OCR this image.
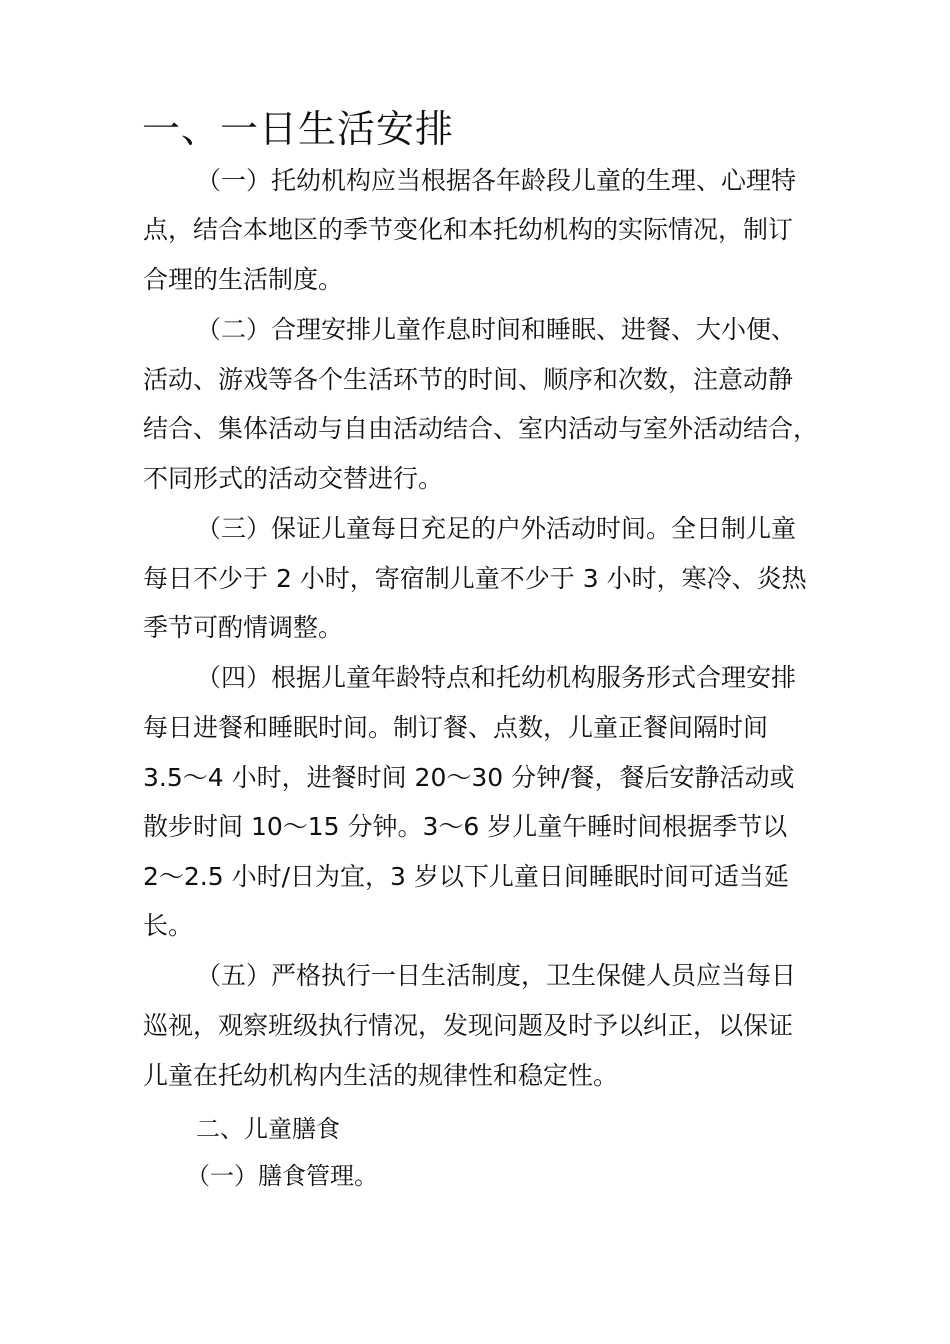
一、一日生活安排

（一）托幼机构应当根据各年龄段儿童的生理、心理特

点，结合本地区的季节变化和本托幼机构的实际情况，制订

合理的生活制度。

（二）合理安排儿童作息时间和睡眠、进餐、大小便、

活动、游戏等各个生活环节的时间、顺序和次数，注意动静

结合、集体活动与自由活动结合、室内活动与室外活动结合，

不同形式的活动交替进行。

（三）保证儿童每日充足的户外活动时间。全日制儿童

每日不少于 2 小时，寄宿制儿童不少于 3 小时，寒冷、炎热

季节可酌情调整。

（四）根据儿童年龄特点和托幼机构服务形式合理安排

每日进餐和睡眠时间。制订餐、点数，儿童正餐间隔时间

3.5～4 小时，进餐时间 20～30 分钟/餐，餐后安静活动或

散步时间 10～15 分钟。3～6 岁儿童午睡时间根据季节以

2～2.5 小时/日为宜，3 岁以下儿童日间睡眠时间可适当延

长。

（五）严格执行一日生活制度，卫生保健人员应当每日

巡视，观察班级执行情况，发现问题及时予以纠正，以保证

儿童在托幼机构内生活的规律性和稳定性。

二、儿童膳食

（一）膳食管理。
